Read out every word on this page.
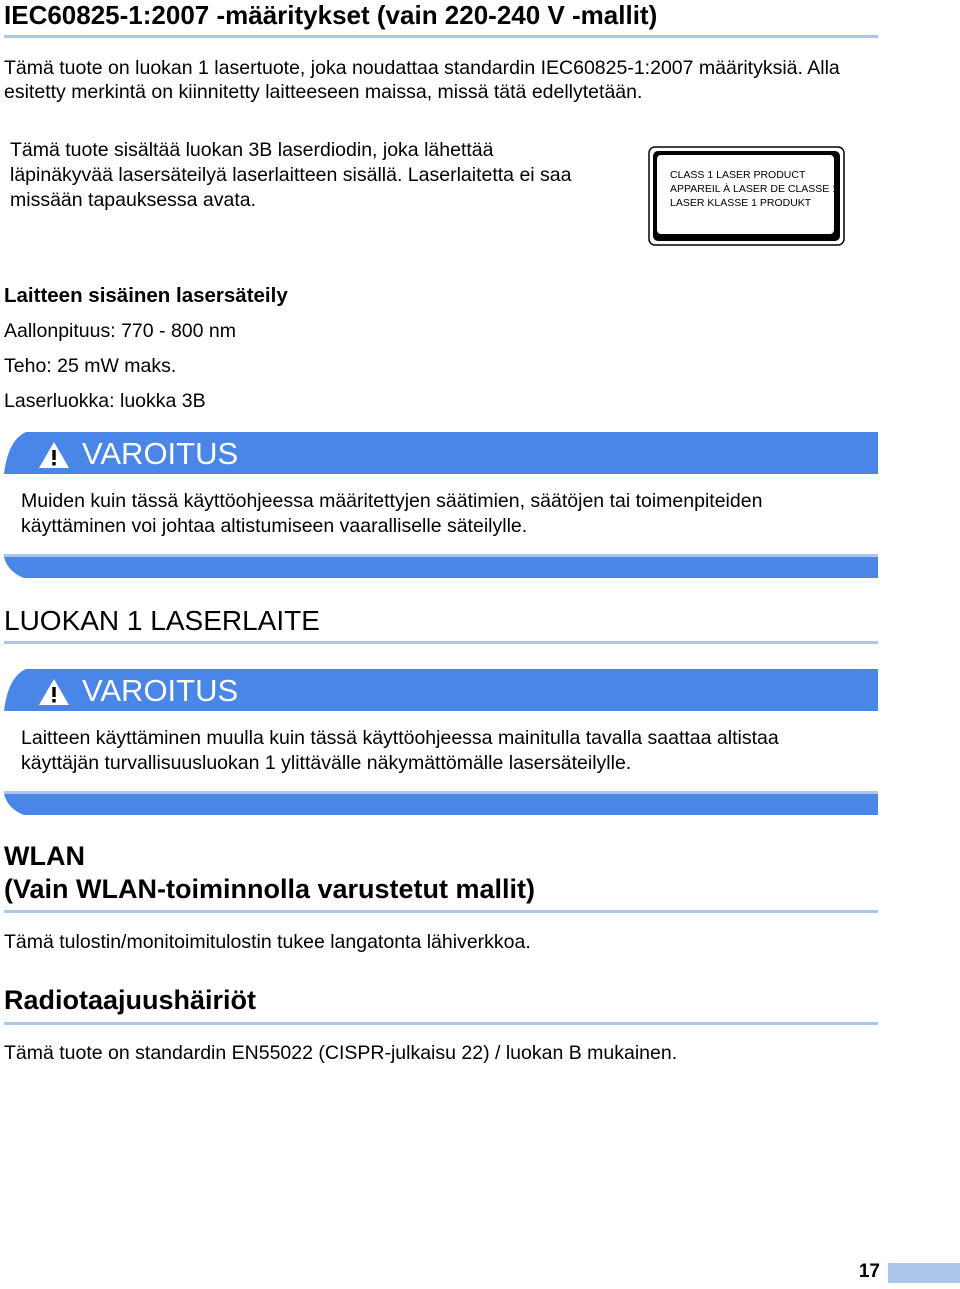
IEC60825-1:2007 -määritykset (vain 220-240 V -mallit)

Tämä tuote on luokan 1 lasertuote, joka noudattaa standardin IEC60825-1:2007 määrityksiä. Alla

esitetty merkintä on kiinnitetty laitteeseen maissa, missä tätä edellytetään.

Tämä tuote sisältää luokan 3B laserdiodin, joka lähettää

läpinäkyvää lasersäteilyä laserlaitteen sisällä. Laserlaitetta ei saa

missään tapauksessa avata.

CLASS 1 LASER PRODUCT
APPAREIL À LASER DE CLASSE 1
LASER KLASSE 1 PRODUKT
Laitteen sisäinen lasersäteily

Aallonpituus: 770 - 800 nm

Teho: 25 mW maks.

Laserluokka: luokka 3B

VAROITUS

Muiden kuin tässä käyttöohjeessa määritettyjen säätimien, säätöjen tai toimenpiteiden

käyttäminen voi johtaa altistumiseen vaaralliselle säteilylle.

LUOKAN 1 LASERLAITE
VAROITUS

Laitteen käyttäminen muulla kuin tässä käyttöohjeessa mainitulla tavalla saattaa altistaa

käyttäjän turvallisuusluokan 1 ylittävälle näkymättömälle lasersäteilylle.

WLAN
(Vain WLAN-toiminnolla varustetut mallit)

Tämä tulostin/monitoimitulostin tukee langatonta lähiverkkoa.

Radiotaajuushäiriöt

Tämä tuote on standardin EN55022 (CISPR-julkaisu 22) / luokan B mukainen.

17
